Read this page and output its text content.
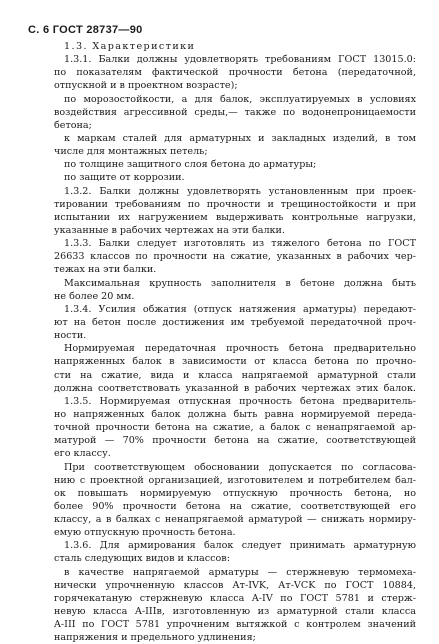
С. 6 ГОСТ 28737—90
1.3. Характеристики
1.3.1. Балки должны удовлетворять требованиям ГОСТ 13015.0:
по показателям фактической прочности бетона (передаточной,
отпускной и в проектном возрасте);
по морозостойкости, а для балок, эксплуатируемых в условиях
воздействия агрессивной среды,— также по водонепроницаемости
бетона;
к маркам сталей для арматурных и закладных изделий, в том
числе для монтажных петель;
по толщине защитного слоя бетона до арматуры;
по защите от коррозии.
1.3.2. Балки должны удовлетворять установленным при проек-
тировании требованиям по прочности и трещиностойкости и при
испытании их нагружением выдерживать контрольные нагрузки,
указанные в рабочих чертежах на эти балки.
1.3.3. Балки следует изготовлять из тяжелого бетона по ГОСТ
26633 классов по прочности на сжатие, указанных в рабочих чер-
тежах на эти балки.
Максимальная крупность заполнителя в бетоне должна быть
не более 20 мм.
1.3.4. Усилия обжатия (отпуск натяжения арматуры) передают-
ют на бетон после достижения им требуемой передаточной проч-
ности.
Нормируемая передаточная прочность бетона предварительно
напряженных балок в зависимости от класса бетона по прочно-
сти на сжатие, вида и класса напрягаемой арматурной стали
должна соответствовать указанной в рабочих чертежах этих балок.
1.3.5. Нормируемая отпускная прочность бетона предваритель-
но напряженных балок должна быть равна нормируемой переда-
точной прочности бетона на сжатие, а балок с ненапрягаемой ар-
матурой — 70% прочности бетона на сжатие, соответствующей
его классу.
При соответствующем обосновании допускается по согласова-
нию с проектной организацией, изготовителем и потребителем бал-
ок повышать нормируемую отпускную прочность бетона, но
более 90% прочности бетона на сжатие, соответствующей его
классу, а в балках с ненапрягаемой арматурой — снижать нормиру-
емую отпускную прочность бетона.
1.3.6. Для армирования балок следует принимать арматурную
сталь следующих видов и классов:
в качестве напрягаемой арматуры — стержневую термомеха-
нически упрочненную классов Ат-IVK, Ат-VCK по ГОСТ 10884,
горячекатаную стержневую класса A-IV по ГОСТ 5781 и стерж-
невую класса A-IIIв, изготовленную из арматурной стали класса
A-III по ГОСТ 5781 упрочненим вытяжкой с контролем значений
напряжения и предельного удлинения;
